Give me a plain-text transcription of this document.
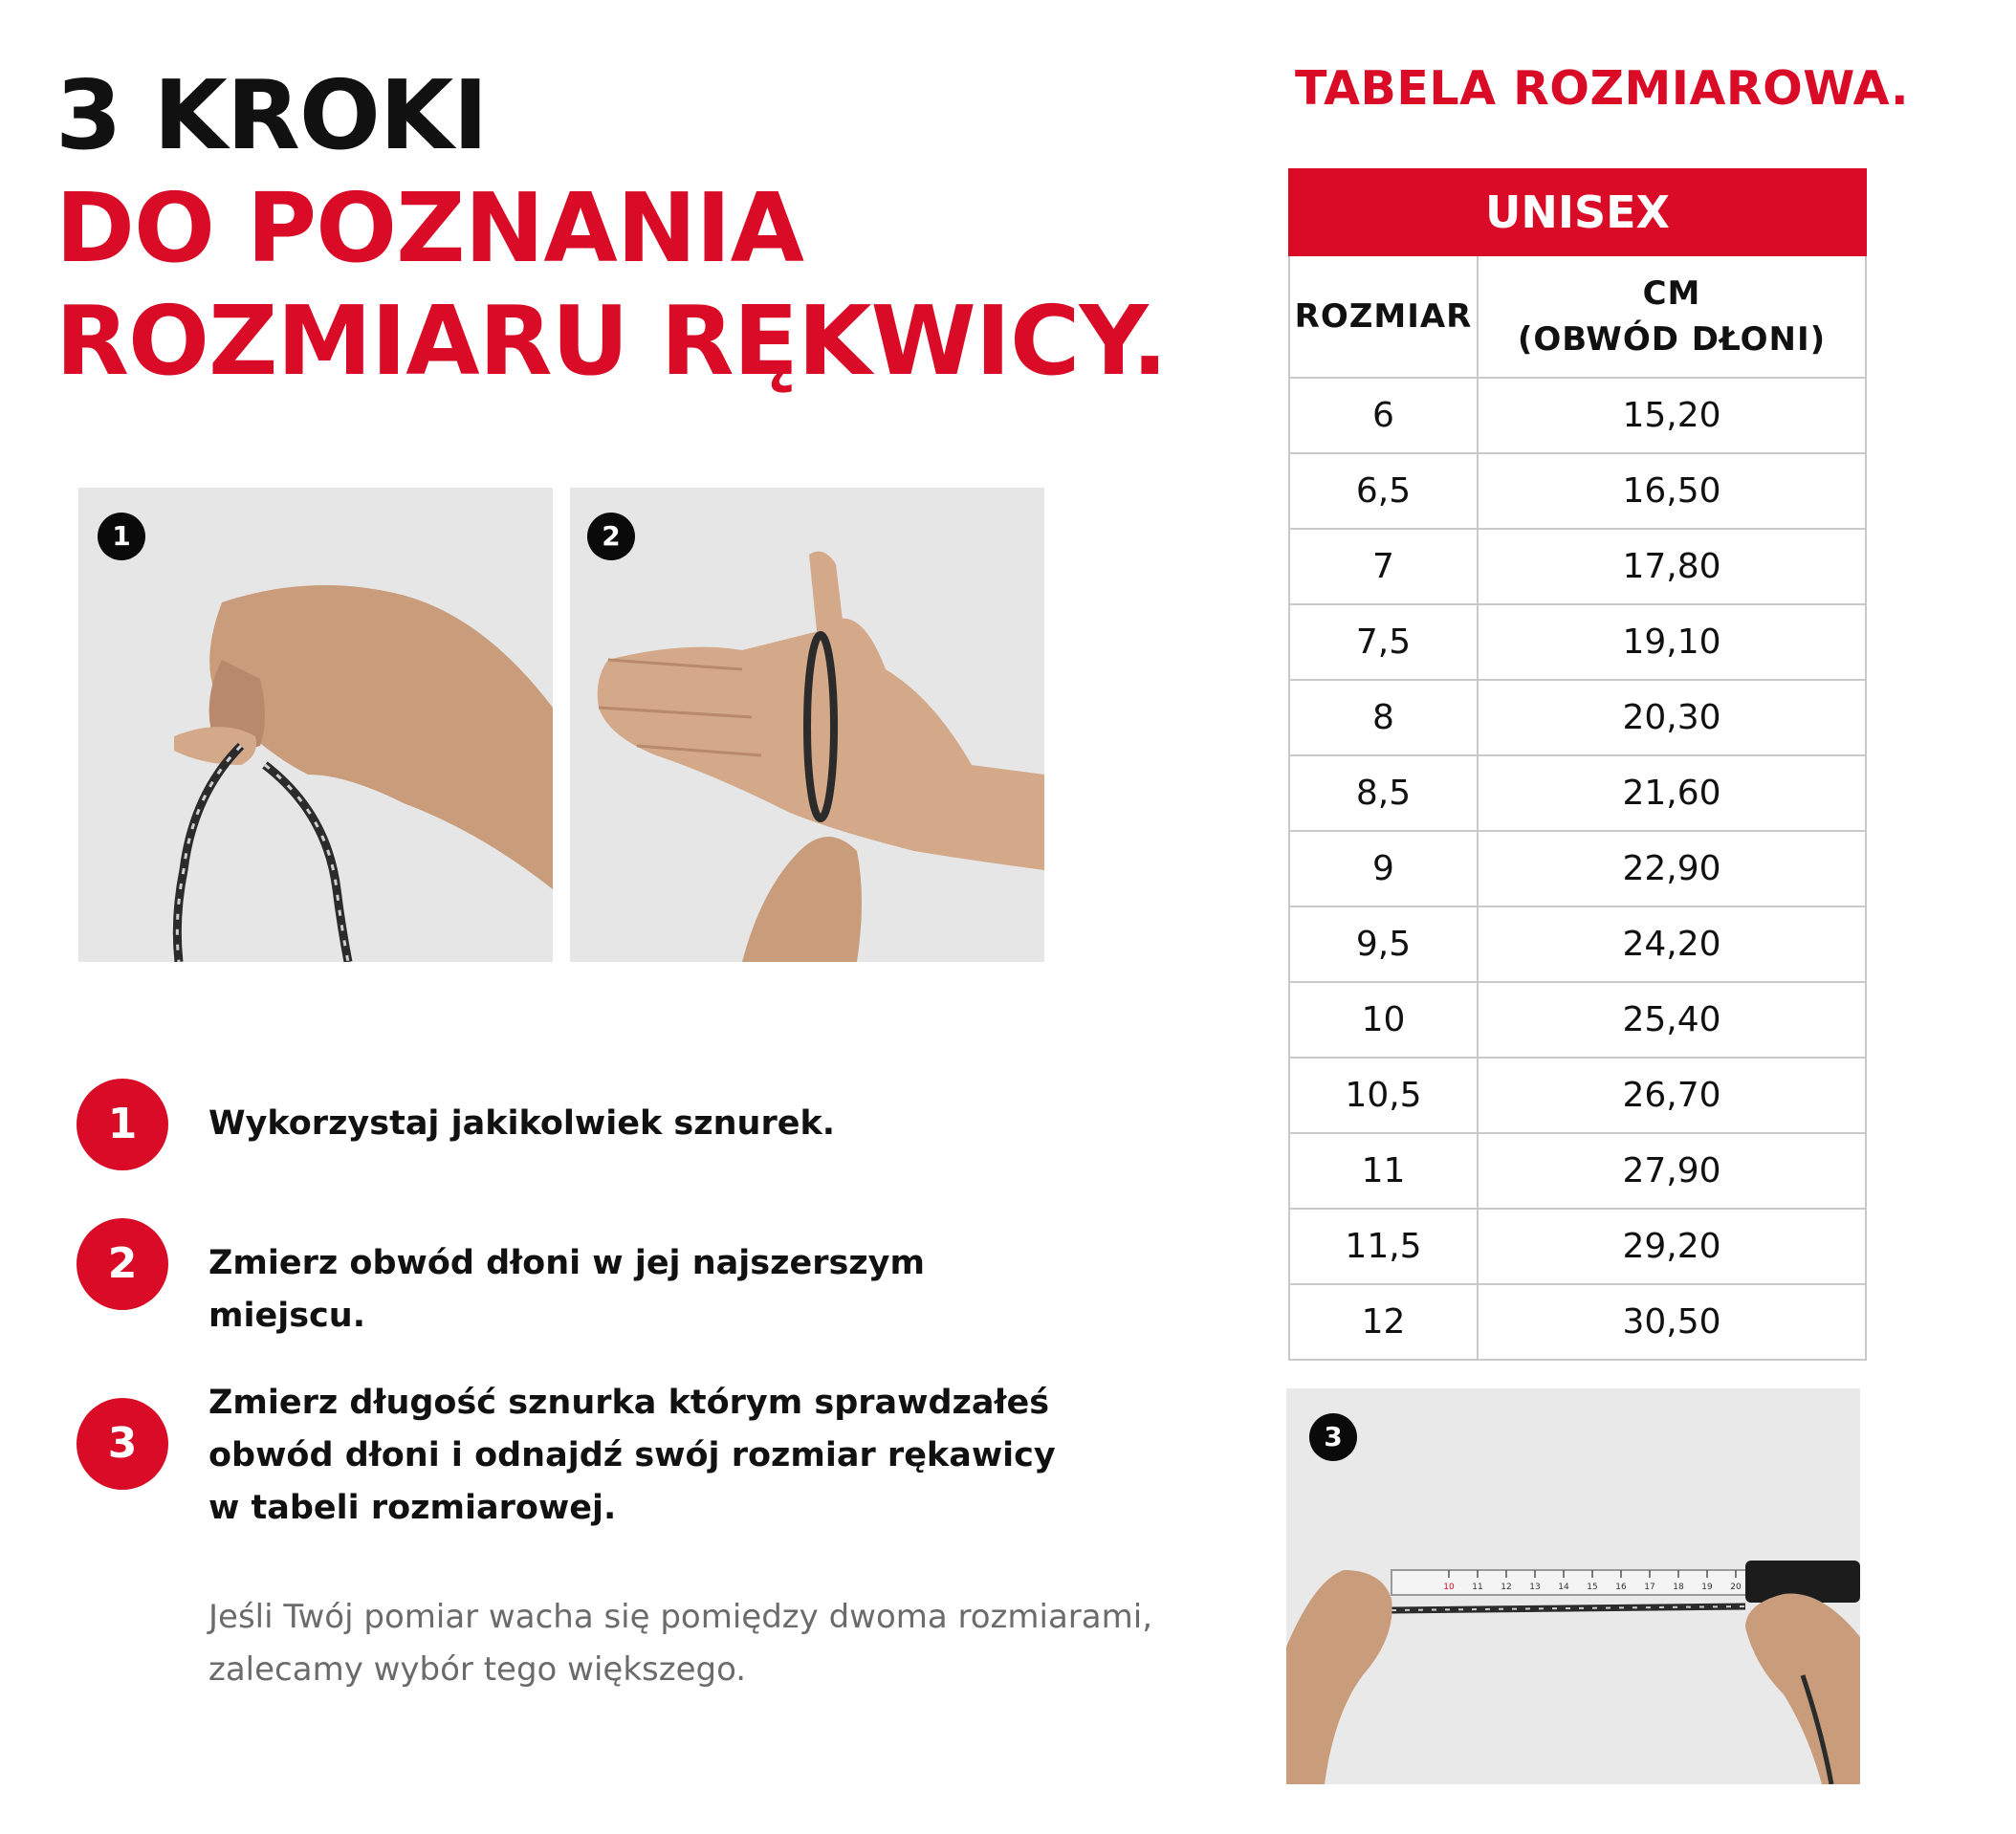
3 KROKI
DO POZNANIA
ROZMIARU RĘKWICY.
1	2
1	Wykorzystaj jakikolwiek sznurek.
2	Zmierz obwód dłoni w jej najszerszym miejscu.
3
Zmierz długość sznurka którym sprawdzałeś
obwód dłoni i odnajdź swój rozmiar rękawicy
w tabeli rozmiarowej.
Jeśli Twój pomiar wacha się pomiędzy dwoma rozmiarami,
zalecamy wybór tego większego.
TABELA ROZMIAROWA.
UNISEX	
ROZMIAR	CM
(OBWÓD DŁONI)
6	15,20
6,5	16,50
7	17,80
7,5	19,10
8	20,30
8,5	21,60
9	22,90
9,5	24,20
10	25,40
10,5	26,70
11	27,90
11,5	29,20
12	30,50
10 11 12 13 14 15 16 17 18 19 20
3
